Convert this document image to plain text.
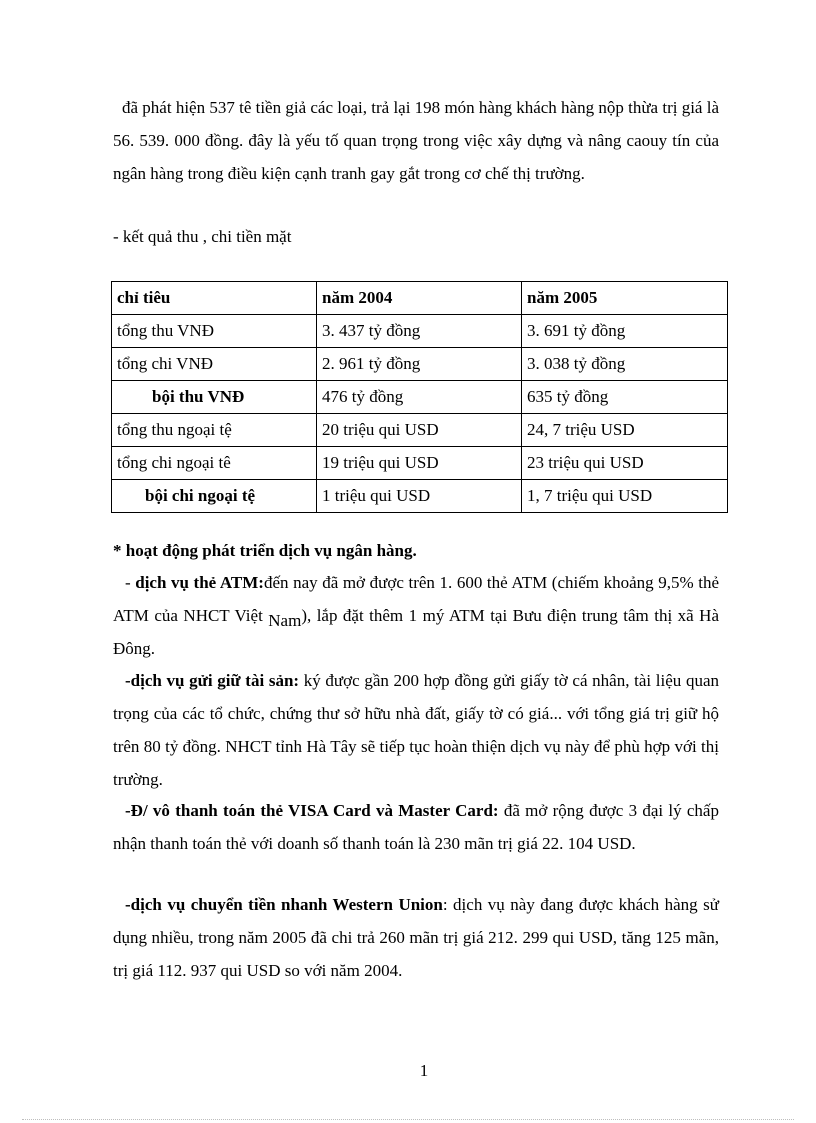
đã phát hiện 537 tê tiền giả các loại, trả lại 198 món hàng khách hàng nộp thừa trị giá là 56. 539. 000 đồng. đây là yếu tố quan trọng trong việc xây dựng và nâng caouy tín của ngân hàng trong điều kiện cạnh tranh gay gắt trong cơ chế thị trường.

- kết quả thu , chi tiền mặt

chỉ tiêu	năm 2004	năm 2005
tổng thu VNĐ	3. 437 tỷ đồng	3. 691 tỷ đồng
tổng chi VNĐ	2. 961 tỷ đồng	3. 038 tỷ đồng
bội thu VNĐ	476 tỷ đồng	635 tỷ đồng
tổng thu ngoại tệ	20 triệu qui USD	24, 7 triệu USD
tổng chi ngoại tê	19 triệu qui USD	23 triệu qui USD
bội chi ngoại tệ	1 triệu qui USD	1, 7 triệu qui USD

* hoạt động phát triển dịch vụ ngân hàng.

- dịch vụ thẻ ATM:đến nay đã mở được trên 1. 600 thẻ ATM (chiếm khoảng 9,5% thẻ ATM của NHCT Việt Nam), lắp đặt thêm 1 mý ATM tại Bưu điện trung tâm thị xã Hà Đông.

-dịch vụ gửi giữ tài sản: ký được gần 200 hợp đồng gửi giấy tờ cá nhân, tài liệu quan trọng của các tổ chức, chứng thư sở hữu nhà đất, giấy tờ có giá... với tổng giá trị giữ hộ trên 80 tỷ đồng. NHCT tỉnh Hà Tây sẽ tiếp tục hoàn thiện dịch vụ này để phù hợp với thị trường.

-Đ/ vô thanh toán thẻ VISA Card và Master Card: đã mở rộng được 3 đại lý chấp nhận thanh toán thẻ với doanh số thanh toán là 230 mãn trị giá 22. 104 USD.

-dịch vụ chuyển tiền nhanh Western Union: dịch vụ này đang được khách hàng sử dụng nhiều, trong năm 2005 đã chi trả 260 mãn trị giá 212. 299 qui USD, tăng 125 mãn, trị giá 112. 937 qui USD so với năm 2004.

1
